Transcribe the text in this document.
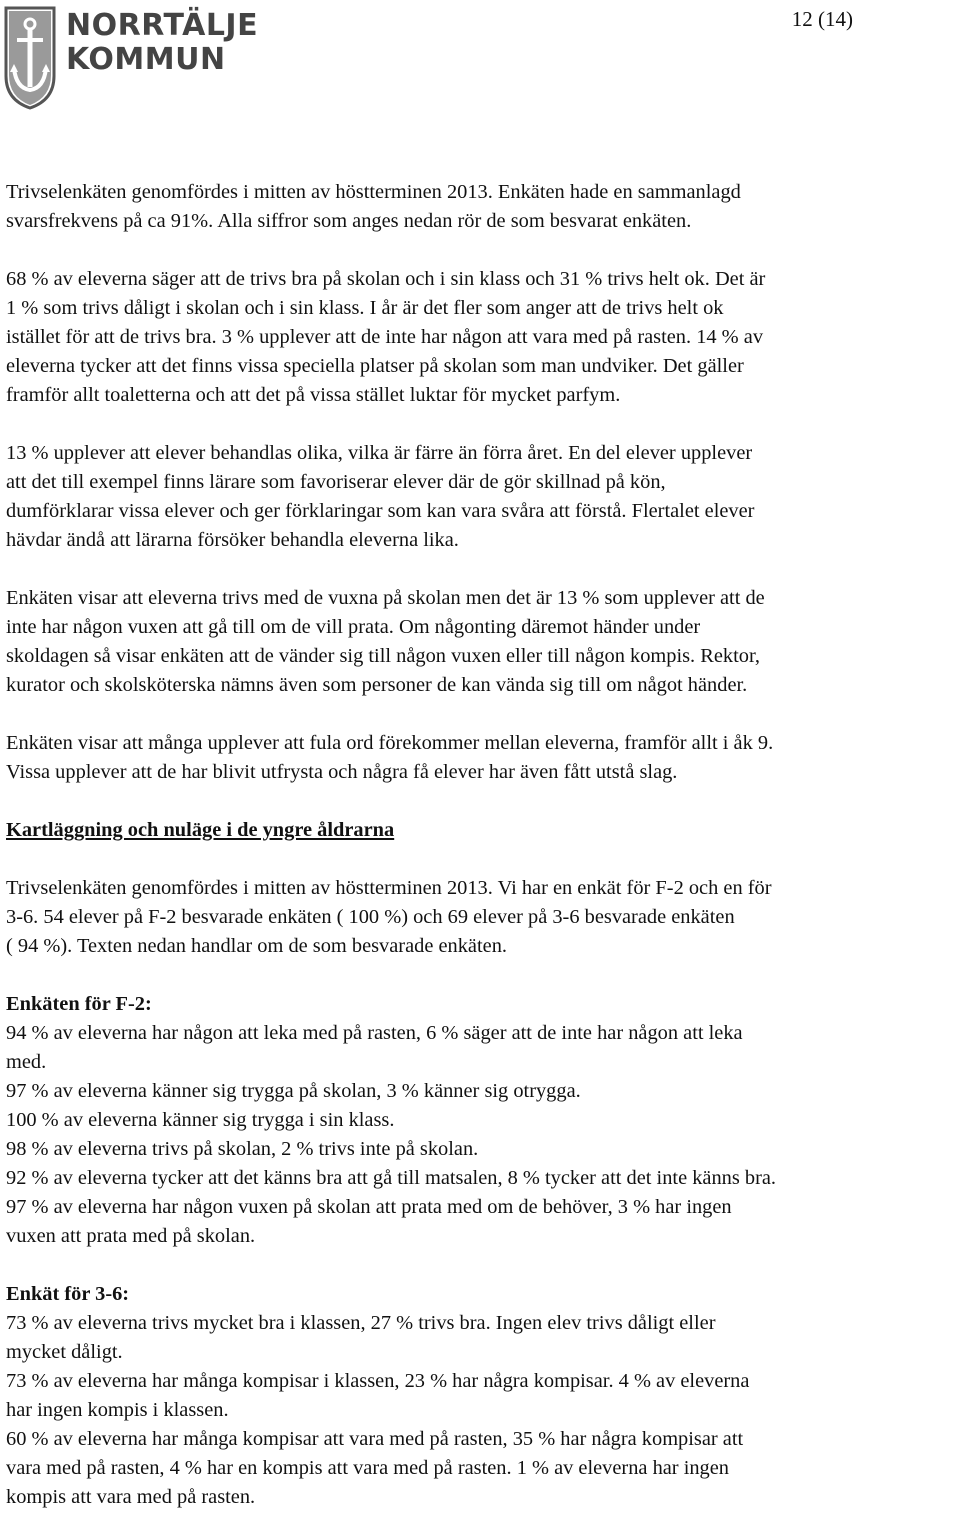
NORRTÄLJE
KOMMUN
12 (14)

Trivselenkäten genomfördes i mitten av höstterminen 2013. Enkäten hade en sammanlagd

svarsfrekvens på ca 91%. Alla siffror som anges nedan rör de som besvarat enkäten.

68 % av eleverna säger att de trivs bra på skolan och i sin klass och 31 % trivs helt ok. Det är

1 % som trivs dåligt i skolan och i sin klass. I år är det fler som anger att de trivs helt ok

istället för att de trivs bra. 3 % upplever att de inte har någon att vara med på rasten. 14 % av

eleverna tycker att det finns vissa speciella platser på skolan som man undviker. Det gäller

framför allt toaletterna och att det på vissa stället luktar för mycket parfym.

13 % upplever att elever behandlas olika, vilka är färre än förra året. En del elever upplever

att det till exempel finns lärare som favoriserar elever där de gör skillnad på kön,

dumförklarar vissa elever och ger förklaringar som kan vara svåra att förstå. Flertalet elever

hävdar ändå att lärarna försöker behandla eleverna lika.

Enkäten visar att eleverna trivs med de vuxna på skolan men det är 13 % som upplever att de

inte har någon vuxen att gå till om de vill prata. Om någonting däremot händer under

skoldagen så visar enkäten att de vänder sig till någon vuxen eller till någon kompis. Rektor,

kurator och skolsköterska nämns även som personer de kan vända sig till om något händer.

Enkäten visar att många upplever att fula ord förekommer mellan eleverna, framför allt i åk 9.

Vissa upplever att de har blivit utfrysta och några få elever har även fått utstå slag.

Kartläggning och nuläge i de yngre åldrarna

Trivselenkäten genomfördes i mitten av höstterminen 2013. Vi har en enkät för F-2 och en för

3-6. 54 elever på F-2 besvarade enkäten ( 100 %) och 69 elever på 3-6 besvarade enkäten

( 94 %). Texten nedan handlar om de som besvarade enkäten.

Enkäten för F-2:

94 % av eleverna har någon att leka med på rasten, 6 % säger att de inte har någon att leka

med.

97 % av eleverna känner sig trygga på skolan, 3 % känner sig otrygga.

100 % av eleverna känner sig trygga i sin klass.

98 % av eleverna trivs på skolan, 2 % trivs inte på skolan.

92 % av eleverna tycker att det känns bra att gå till matsalen, 8 % tycker att det inte känns bra.

97 % av eleverna har någon vuxen på skolan att prata med om de behöver, 3 % har ingen

vuxen att prata med på skolan.

Enkät för 3-6:

73 % av eleverna trivs mycket bra i klassen, 27 % trivs bra. Ingen elev trivs dåligt eller

mycket dåligt.

73 % av eleverna har många kompisar i klassen, 23 % har några kompisar. 4 % av eleverna

har ingen kompis i klassen.

60 % av eleverna har många kompisar att vara med på rasten, 35 % har några kompisar att

vara med på rasten, 4 % har en kompis att vara med på rasten. 1 % av eleverna har ingen

kompis att vara med på rasten.
